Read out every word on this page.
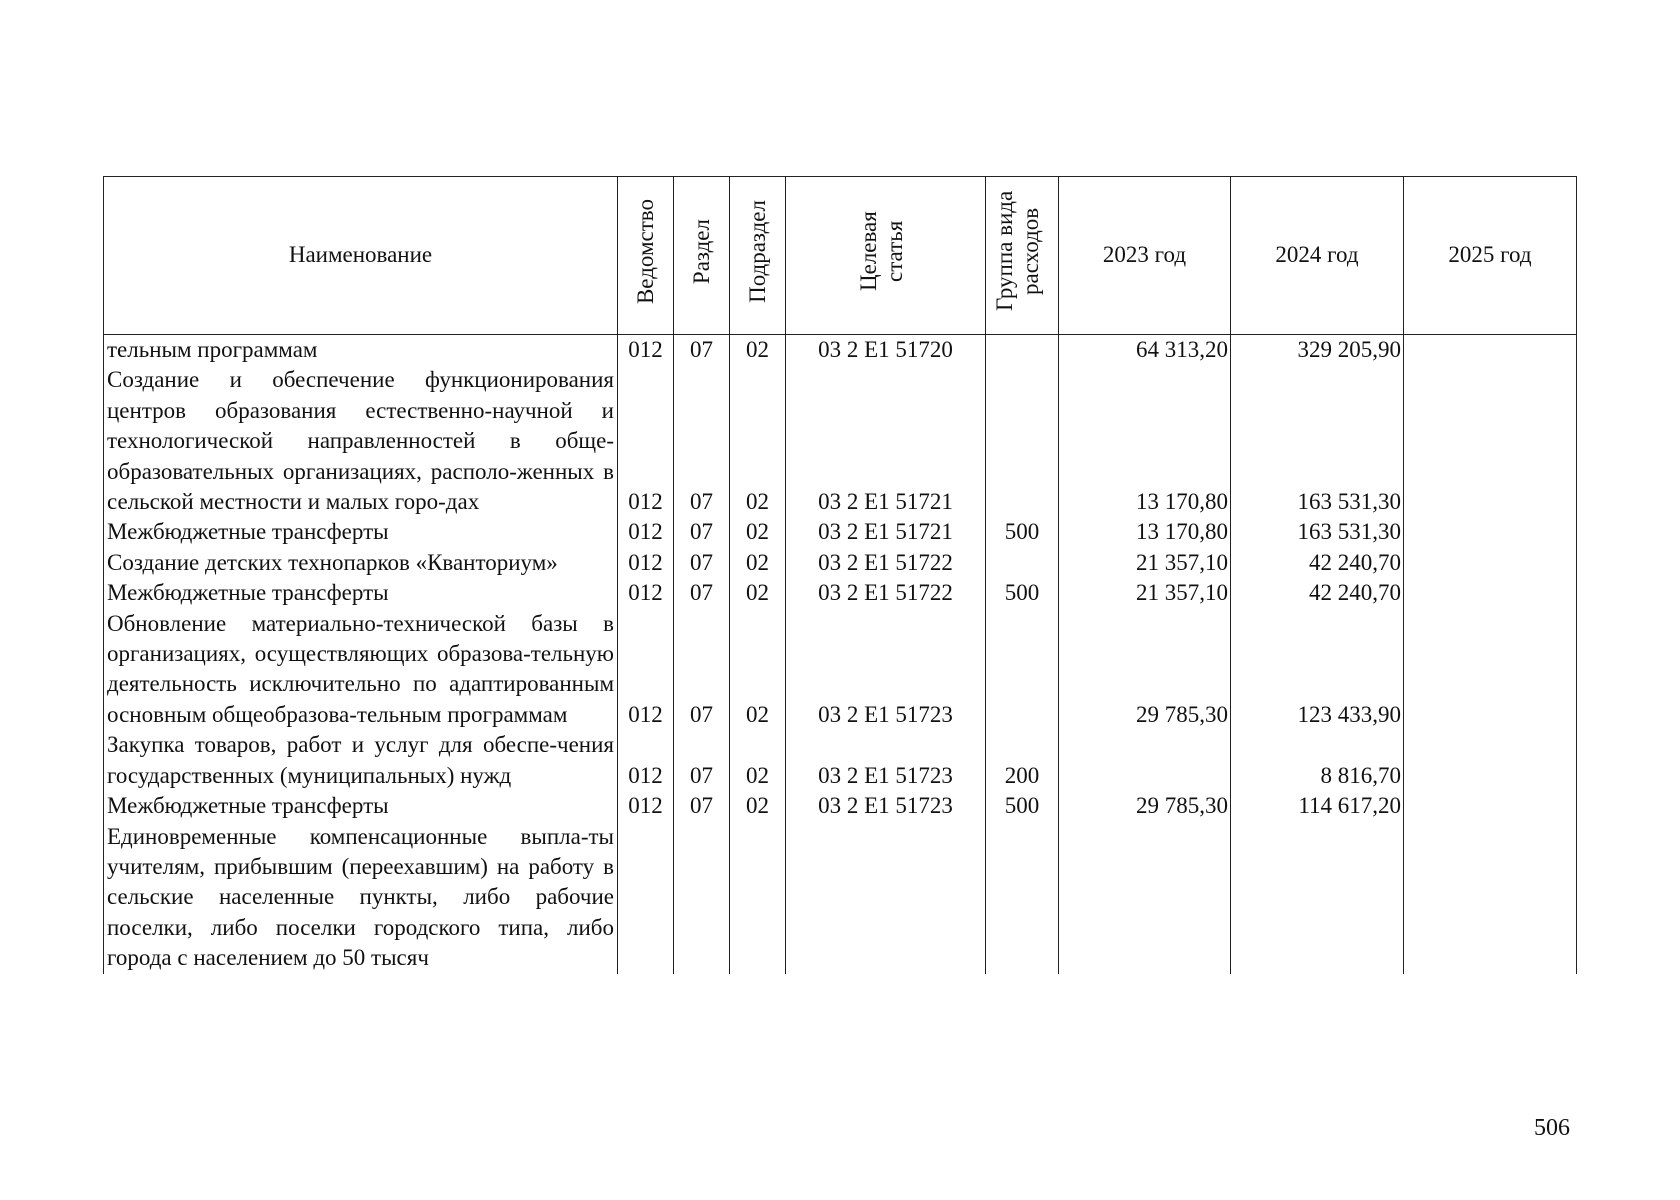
Наименование	Ведомство	Раздел	Подраздел	Целевая статья	Группа вида расходов	2023 год	2024 год	2025 год
тельным программам	012	07	02	03 2 E1 51720		64 313,20	329 205,90	
Создание и обеспечение функционирования центров образования естественно-научной и технологической направленностей в обще-образовательных организациях, располо-женных в сельской местности и малых горо-дах	012	07	02	03 2 E1 51721		13 170,80	163 531,30	
Межбюджетные трансферты	012	07	02	03 2 E1 51721	500	13 170,80	163 531,30	
Создание детских технопарков «Кванториум»	012	07	02	03 2 E1 51722		21 357,10	42 240,70	
Межбюджетные трансферты	012	07	02	03 2 E1 51722	500	21 357,10	42 240,70	
Обновление материально-технической базы в организациях, осуществляющих образова-тельную деятельность исключительно по адаптированным основным общеобразова-тельным программам	012	07	02	03 2 E1 51723		29 785,30	123 433,90	
Закупка товаров, работ и услуг для обеспе-чения государственных (муниципальных) нужд	012	07	02	03 2 E1 51723	200		8 816,70	
Межбюджетные трансферты	012	07	02	03 2 E1 51723	500	29 785,30	114 617,20	
Единовременные компенсационные выпла-ты учителям, прибывшим (переехавшим) на работу в сельские населенные пункты, либо рабочие поселки, либо поселки городского типа, либо города с населением до 50 тысяч								
506
